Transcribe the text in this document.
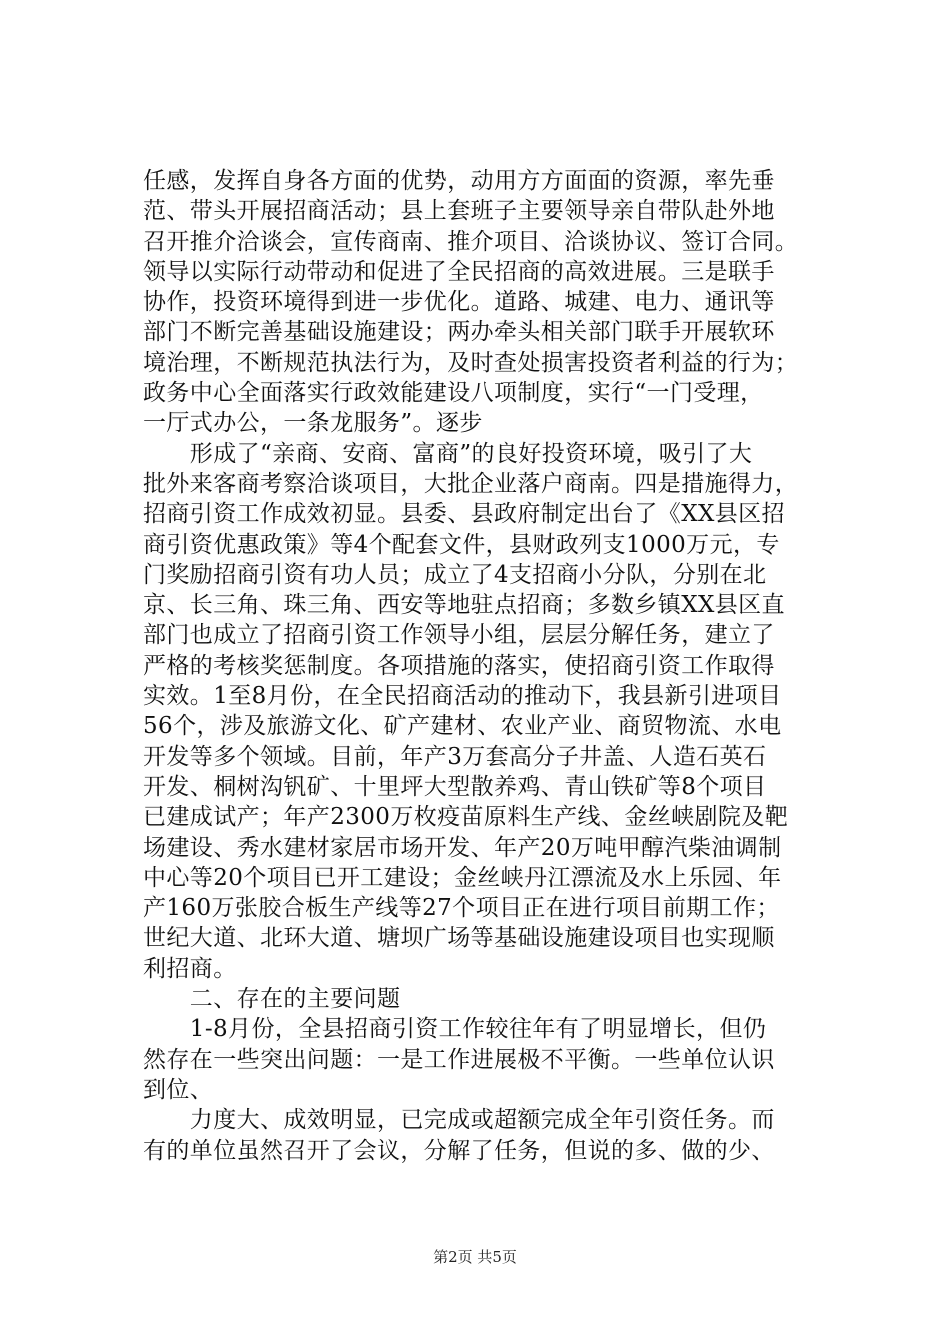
任感，发挥自身各方面的优势，动用方方面面的资源，率先垂
范、带头开展招商活动；县上套班子主要领导亲自带队赴外地
召开推介洽谈会，宣传商南、推介项目、洽谈协议、签订合同。
领导以实际行动带动和促进了全民招商的高效进展。三是联手
协作，投资环境得到进一步优化。道路、城建、电力、通讯等
部门不断完善基础设施建设；两办牵头相关部门联手开展软环
境治理，不断规范执法行为，及时查处损害投资者利益的行为；
政务中心全面落实行政效能建设八项制度，实行“一门受理，
一厅式办公，一条龙服务”。逐步
　　形成了“亲商、安商、富商”的良好投资环境，吸引了大
批外来客商考察洽谈项目，大批企业落户商南。四是措施得力，
招商引资工作成效初显。县委、县政府制定出台了《XX县区招
商引资优惠政策》等4个配套文件，县财政列支1000万元，专
门奖励招商引资有功人员；成立了4支招商小分队，分别在北
京、长三角、珠三角、西安等地驻点招商；多数乡镇XX县区直
部门也成立了招商引资工作领导小组，层层分解任务，建立了
严格的考核奖惩制度。各项措施的落实，使招商引资工作取得
实效。1至8月份，在全民招商活动的推动下，我县新引进项目
56个，涉及旅游文化、矿产建材、农业产业、商贸物流、水电
开发等多个领域。目前，年产3万套高分子井盖、人造石英石
开发、桐树沟钒矿、十里坪大型散养鸡、青山铁矿等8个项目
已建成试产；年产2300万枚疫苗原料生产线、金丝峡剧院及靶
场建设、秀水建材家居市场开发、年产20万吨甲醇汽柴油调制
中心等20个项目已开工建设；金丝峡丹江漂流及水上乐园、年
产160万张胶合板生产线等27个项目正在进行项目前期工作；
世纪大道、北环大道、塘坝广场等基础设施建设项目也实现顺
利招商。
　　二、存在的主要问题
　　1-8月份，全县招商引资工作较往年有了明显增长，但仍
然存在一些突出问题：一是工作进展极不平衡。一些单位认识
到位、
　　力度大、成效明显，已完成或超额完成全年引资任务。而
有的单位虽然召开了会议，分解了任务，但说的多、做的少、
第2页 共5页
